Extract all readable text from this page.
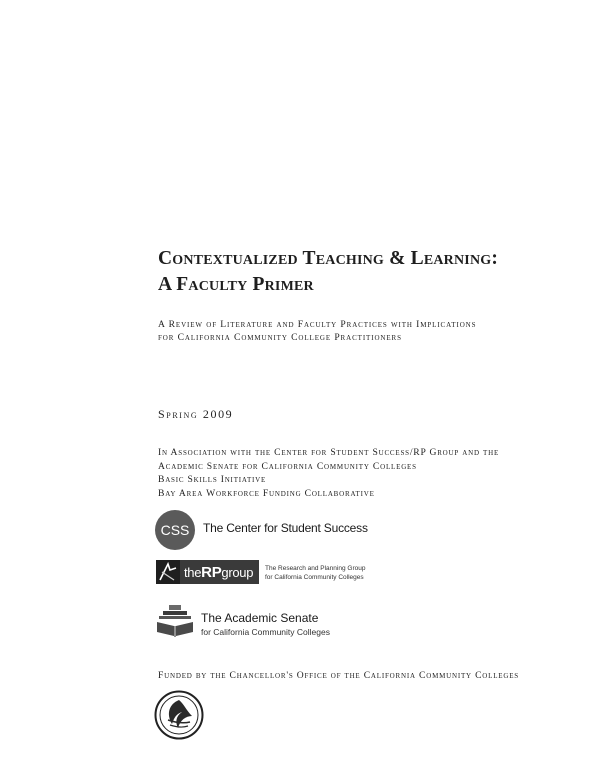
Contextualized Teaching & Learning:
A Faculty Primer
A Review of Literature and Faculty Practices with Implications
for California Community College Practitioners
Spring 2009
In Association with the Center for Student Success/RP Group and the
Academic Senate for California Community Colleges
Basic Skills Initiative
Bay Area Workforce Funding Collaborative
CSS The Center for Student Success
theRPgroup The Research and Planning Group
for California Community Colleges
The Academic Senate
for California Community Colleges
Funded by the Chancellor's Office of the California Community Colleges
